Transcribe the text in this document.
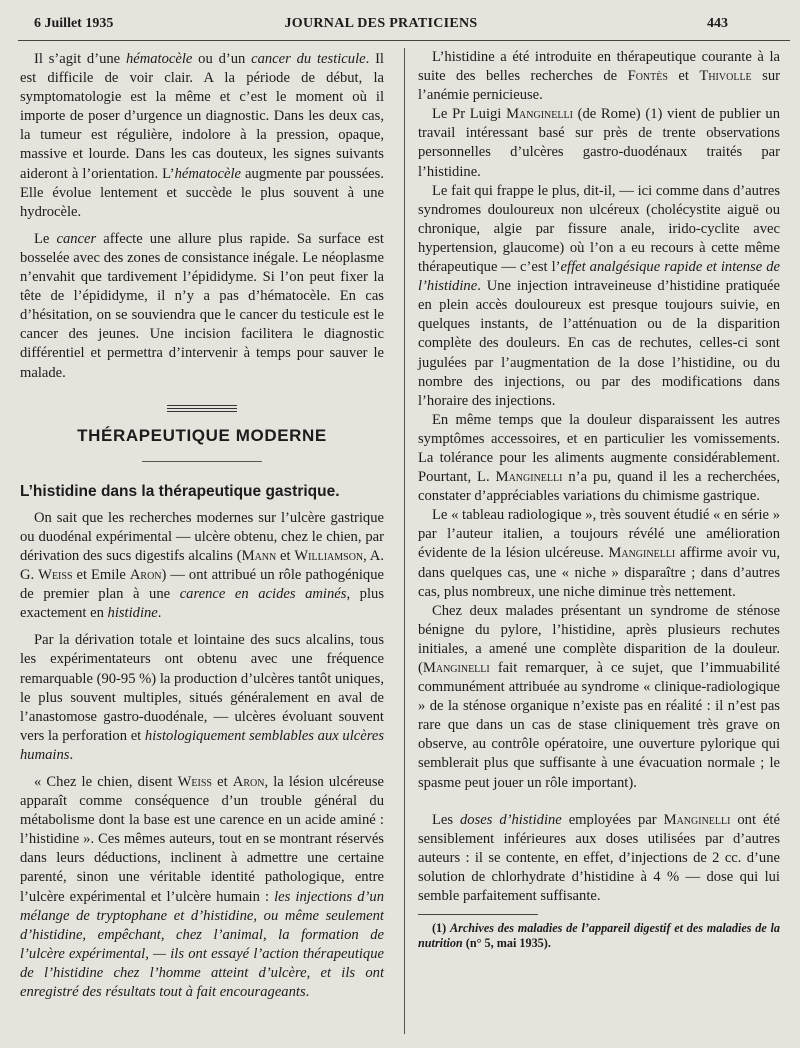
6 Juillet 1935	JOURNAL DES PRATICIENS	443

Il s’agit d’une hématocèle ou d’un cancer du testicule. Il est difficile de voir clair. A la période de début, la symptomatologie est la même et c’est le moment où il importe de poser d’urgence un diagnostic. Dans les deux cas, la tumeur est régulière, indolore à la pression, opaque, massive et lourde. Dans les cas douteux, les signes suivants aideront à l’orientation. L’hématocèle augmente par poussées. Elle évolue lentement et succède le plus souvent à une hydrocèle.

Le cancer affecte une allure plus rapide. Sa surface est bosselée avec des zones de consistance inégale. Le néoplasme n’envahit que tardivement l’épididyme. Si l’on peut fixer la tête de l’épididyme, il n’y a pas d’hématocèle. En cas d’hésitation, on se souviendra que le cancer du testicule est le cancer des jeunes. Une incision facilitera le diagnostic différentiel et permettra d’intervenir à temps pour sauver le malade.

THÉRAPEUTIQUE MODERNE
L’histidine dans la thérapeutique gastrique.

On sait que les recherches modernes sur l’ulcère gastrique ou duodénal expérimental — ulcère obtenu, chez le chien, par dérivation des sucs digestifs alcalins (Mann et Williamson, A. G. Weiss et Emile Aron) — ont attribué un rôle pathogénique de premier plan à une carence en acides aminés, plus exactement en histidine.

Par la dérivation totale et lointaine des sucs alcalins, tous les expérimentateurs ont obtenu avec une fréquence remarquable (90-95 %) la production d’ulcères tantôt uniques, le plus souvent multiples, situés généralement en aval de l’anastomose gastro-duodénale, — ulcères évoluant souvent vers la perforation et histologiquement semblables aux ulcères humains.

« Chez le chien, disent Weiss et Aron, la lésion ulcéreuse apparaît comme conséquence d’un trouble général du métabolisme dont la base est une carence en un acide aminé : l’histidine ». Ces mêmes auteurs, tout en se montrant réservés dans leurs déductions, inclinent à admettre une certaine parenté, sinon une véritable identité pathologique, entre l’ulcère expérimental et l’ulcère humain : les injections d’un mélange de tryptophane et d’histidine, ou même seulement d’histidine, empêchant, chez l’animal, la formation de l’ulcère expérimental, — ils ont essayé l’action thérapeutique de l’histidine chez l’homme atteint d’ulcère, et ils ont enregistré des résultats tout à fait encourageants.

L’histidine a été introduite en thérapeutique courante à la suite des belles recherches de Fontès et Thivolle sur l’anémie pernicieuse.

Le Pr Luigi Manginelli (de Rome) (1) vient de publier un travail intéressant basé sur près de trente observations personnelles d’ulcères gastro-duodénaux traités par l’histidine.

Le fait qui frappe le plus, dit-il, — ici comme dans d’autres syndromes douloureux non ulcéreux (cholécystite aiguë ou chronique, algie par fissure anale, irido-cyclite avec hypertension, glaucome) où l’on a eu recours à cette même thérapeutique — c’est l’effet analgésique rapide et intense de l’histidine. Une injection intraveineuse d’histidine pratiquée en plein accès douloureux est presque toujours suivie, en quelques instants, de l’atténuation ou de la disparition complète des douleurs. En cas de rechutes, celles-ci sont jugulées par l’augmentation de la dose l’histidine, ou du nombre des injections, ou par des modifications dans l’horaire des injections.

En même temps que la douleur disparaissent les autres symptômes accessoires, et en particulier les vomissements. La tolérance pour les aliments augmente considérablement. Pourtant, L. Manginelli n’a pu, quand il les a recherchées, constater d’appréciables variations du chimisme gastrique.

Le « tableau radiologique », très souvent étudié « en série » par l’auteur italien, a toujours révélé une amélioration évidente de la lésion ulcéreuse. Manginelli affirme avoir vu, dans quelques cas, une « niche » disparaître ; dans d’autres cas, plus nombreux, une niche diminue très nettement.

Chez deux malades présentant un syndrome de sténose bénigne du pylore, l’histidine, après plusieurs rechutes initiales, a amené une complète disparition de la douleur. (Manginelli fait remarquer, à ce sujet, que l’immuabilité communément attribuée au syndrome « clinique-radiologique » de la sténose organique n’existe pas en réalité : il n’est pas rare que dans un cas de stase cliniquement très grave on observe, au contrôle opératoire, une ouverture pylorique qui semblerait plus que suffisante à une évacuation normale ; le spasme peut jouer un rôle important).

Les doses d’histidine employées par Manginelli ont été sensiblement inférieures aux doses utilisées par d’autres auteurs : il se contente, en effet, d’injections de 2 cc. d’une solution de chlorhydrate d’histidine à 4 % — dose qui lui semble parfaitement suffisante.

(1) Archives des maladies de l’appareil digestif et des maladies de la nutrition (n° 5, mai 1935).
